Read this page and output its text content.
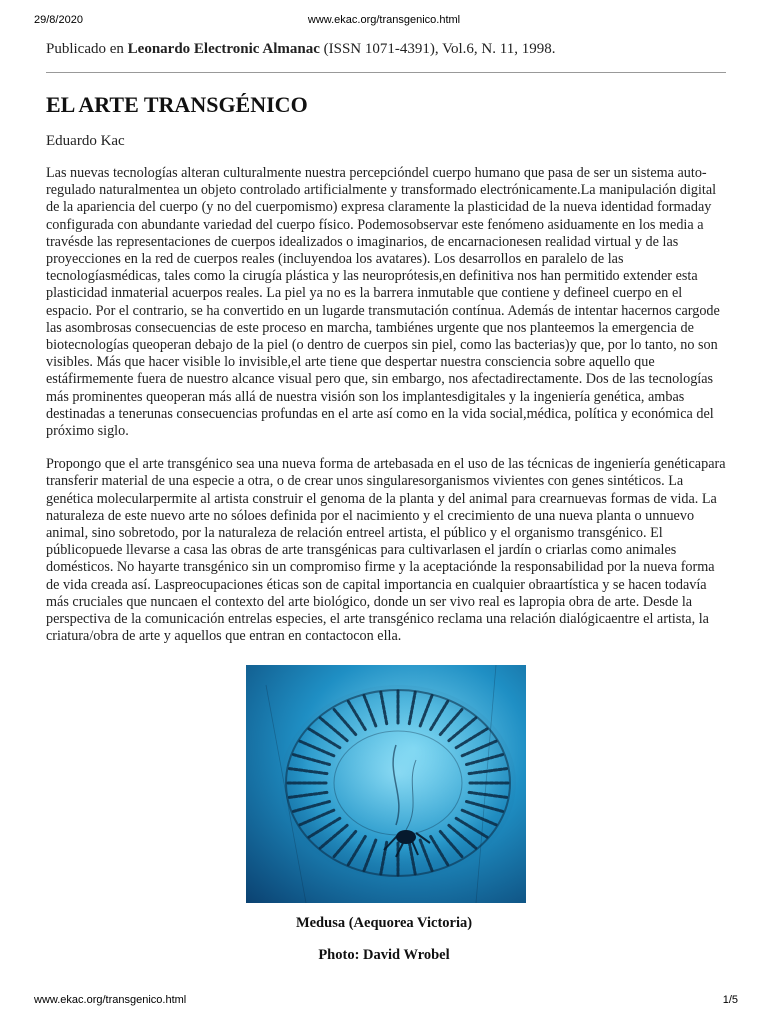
29/8/2020	www.ekac.org/transgenico.html

Publicado en Leonardo Electronic Almanac (ISSN 1071-4391), Vol.6, N. 11, 1998.

EL ARTE TRANSGÉNICO
Eduardo Kac

Las nuevas tecnologías alteran culturalmente nuestra percepcióndel cuerpo humano que pasa de ser un sistema auto-regulado naturalmentea un objeto controlado artificialmente y transformado electrónicamente.La manipulación digital de la apariencia del cuerpo (y no del cuerpomismo) expresa claramente la plasticidad de la nueva identidad formaday configurada con abundante variedad del cuerpo físico. Podemosobservar este fenómeno asiduamente en los media a travésde las representaciones de cuerpos idealizados o imaginarios, de encarnacionesen realidad virtual y de las proyecciones en la red de cuerpos reales (incluyendoa los avatares). Los desarrollos en paralelo de las tecnologíasmédicas, tales como la cirugía plástica y las neuroprótesis,en definitiva nos han permitido extender esta plasticidad inmaterial acuerpos reales. La piel ya no es la barrera inmutable que contiene y defineel cuerpo en el espacio. Por el contrario, se ha convertido en un lugarde transmutación contínua. Además de intentar hacernos cargode las asombrosas consecuencias de este proceso en marcha, tambiénes urgente que nos planteemos la emergencia de biotecnologías queoperan debajo de la piel (o dentro de cuerpos sin piel, como las bacterias)y que, por lo tanto, no son visibles. Más que hacer visible lo invisible,el arte tiene que despertar nuestra consciencia sobre aquello que estáfirmemente fuera de nuestro alcance visual pero que, sin embargo, nos afectadirectamente. Dos de las tecnologías más prominentes queoperan más allá de nuestra visión son los implantesdigitales y la ingeniería genética, ambas destinadas a tenerunas consecuencias profundas en el arte así como en la vida social,médica, política y económica del próximo siglo.

Propongo que el arte transgénico sea una nueva forma de artebasada en el uso de las técnicas de ingeniería genéticapara transferir material de una especie a otra, o de crear unos singularesorganismos vivientes con genes sintéticos. La genética molecularpermite al artista construir el genoma de la planta y del animal para crearnuevas formas de vida. La naturaleza de este nuevo arte no sóloes definida por el nacimiento y el crecimiento de una nueva planta o unnuevo animal, sino sobretodo, por la naturaleza de relación entreel artista, el público y el organismo transgénico. El públicopuede llevarse a casa las obras de arte transgénicas para cultivarlasen el jardín o criarlas como animales domésticos. No hayarte transgénico sin un compromiso firme y la aceptaciónde la responsabilidad por la nueva forma de vida creada así. Laspreocupaciones éticas son de capital importancia en cualquier obraartística y se hacen todavía más cruciales que nuncaen el contexto del arte biológico, donde un ser vivo real es lapropia obra de arte. Desde la perspectiva de la comunicación entrelas especies, el arte transgénico reclama una relación dialógicaentre el artista, la criatura/obra de arte y aquellos que entran en contactocon ella.

Medusa (Aequorea Victoria)
Photo: David Wrobel
www.ekac.org/transgenico.html	1/5
